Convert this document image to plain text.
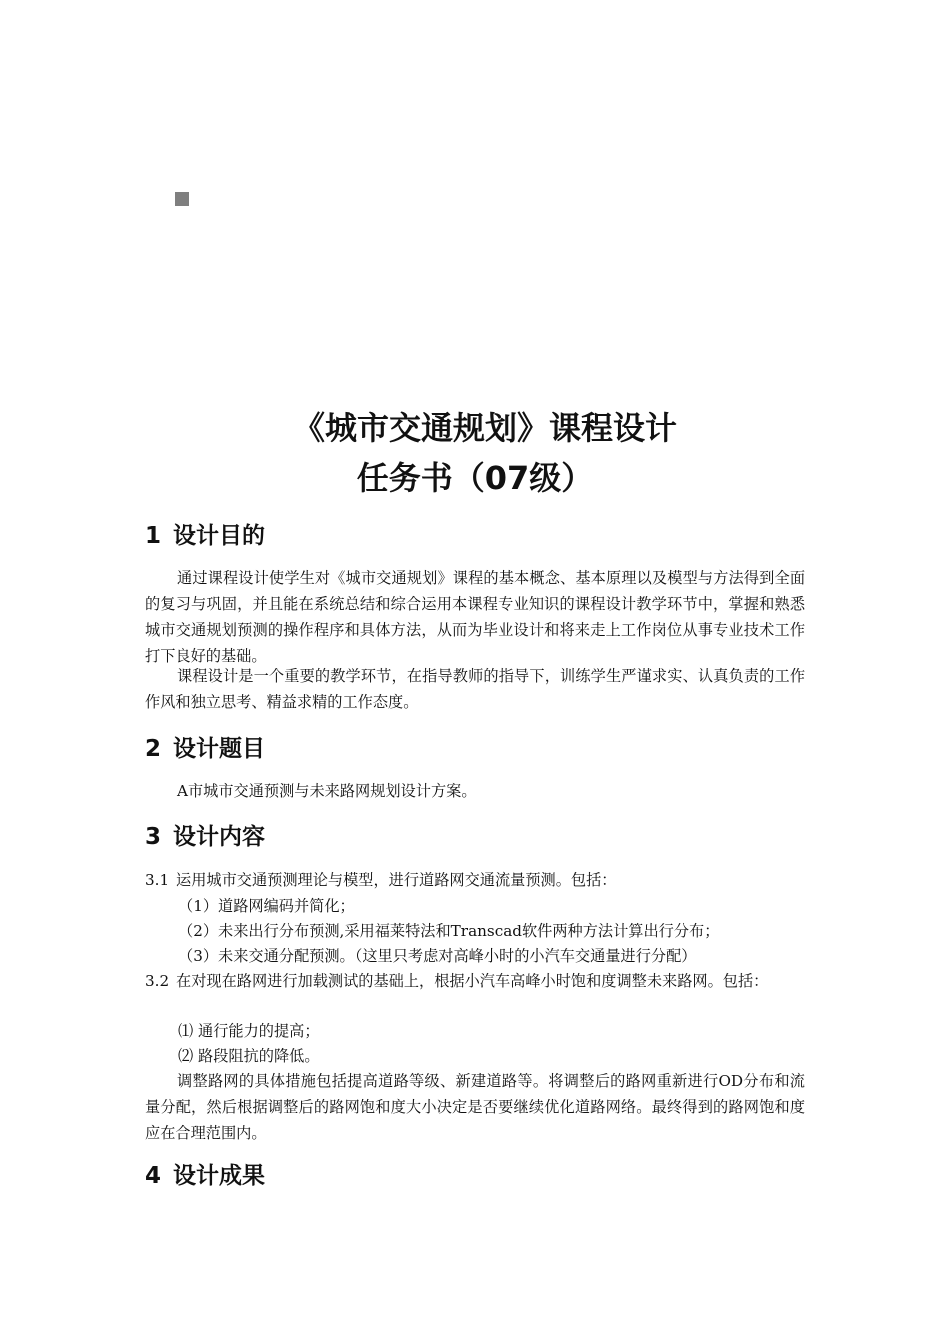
《城市交通规划》课程设计
任务书（07级）
1 设计目的

通过课程设计使学生对《城市交通规划》课程的基本概念、基本原理以及模型与方法得到全面的复习与巩固，并且能在系统总结和综合运用本课程专业知识的课程设计教学环节中，掌握和熟悉城市交通规划预测的操作程序和具体方法，从而为毕业设计和将来走上工作岗位从事专业技术工作打下良好的基础。

课程设计是一个重要的教学环节，在指导教师的指导下，训练学生严谨求实、认真负责的工作作风和独立思考、精益求精的工作态度。

2 设计题目

A市城市交通预测与未来路网规划设计方案。

3 设计内容
3.1 运用城市交通预测理论与模型，进行道路网交通流量预测。包括：

（1）道路网编码并简化；

（2）未来出行分布预测,采用福莱特法和Transcad软件两种方法计算出行分布；

（3）未来交通分配预测。（这里只考虑对高峰小时的小汽车交通量进行分配）

3.2 在对现在路网进行加载测试的基础上，根据小汽车高峰小时饱和度调整未来路网。包括：

⑴ 通行能力的提高；

⑵ 路段阻抗的降低。

调整路网的具体措施包括提高道路等级、新建道路等。将调整后的路网重新进行OD分布和流量分配，然后根据调整后的路网饱和度大小决定是否要继续优化道路网络。最终得到的路网饱和度应在合理范围内。

4 设计成果
